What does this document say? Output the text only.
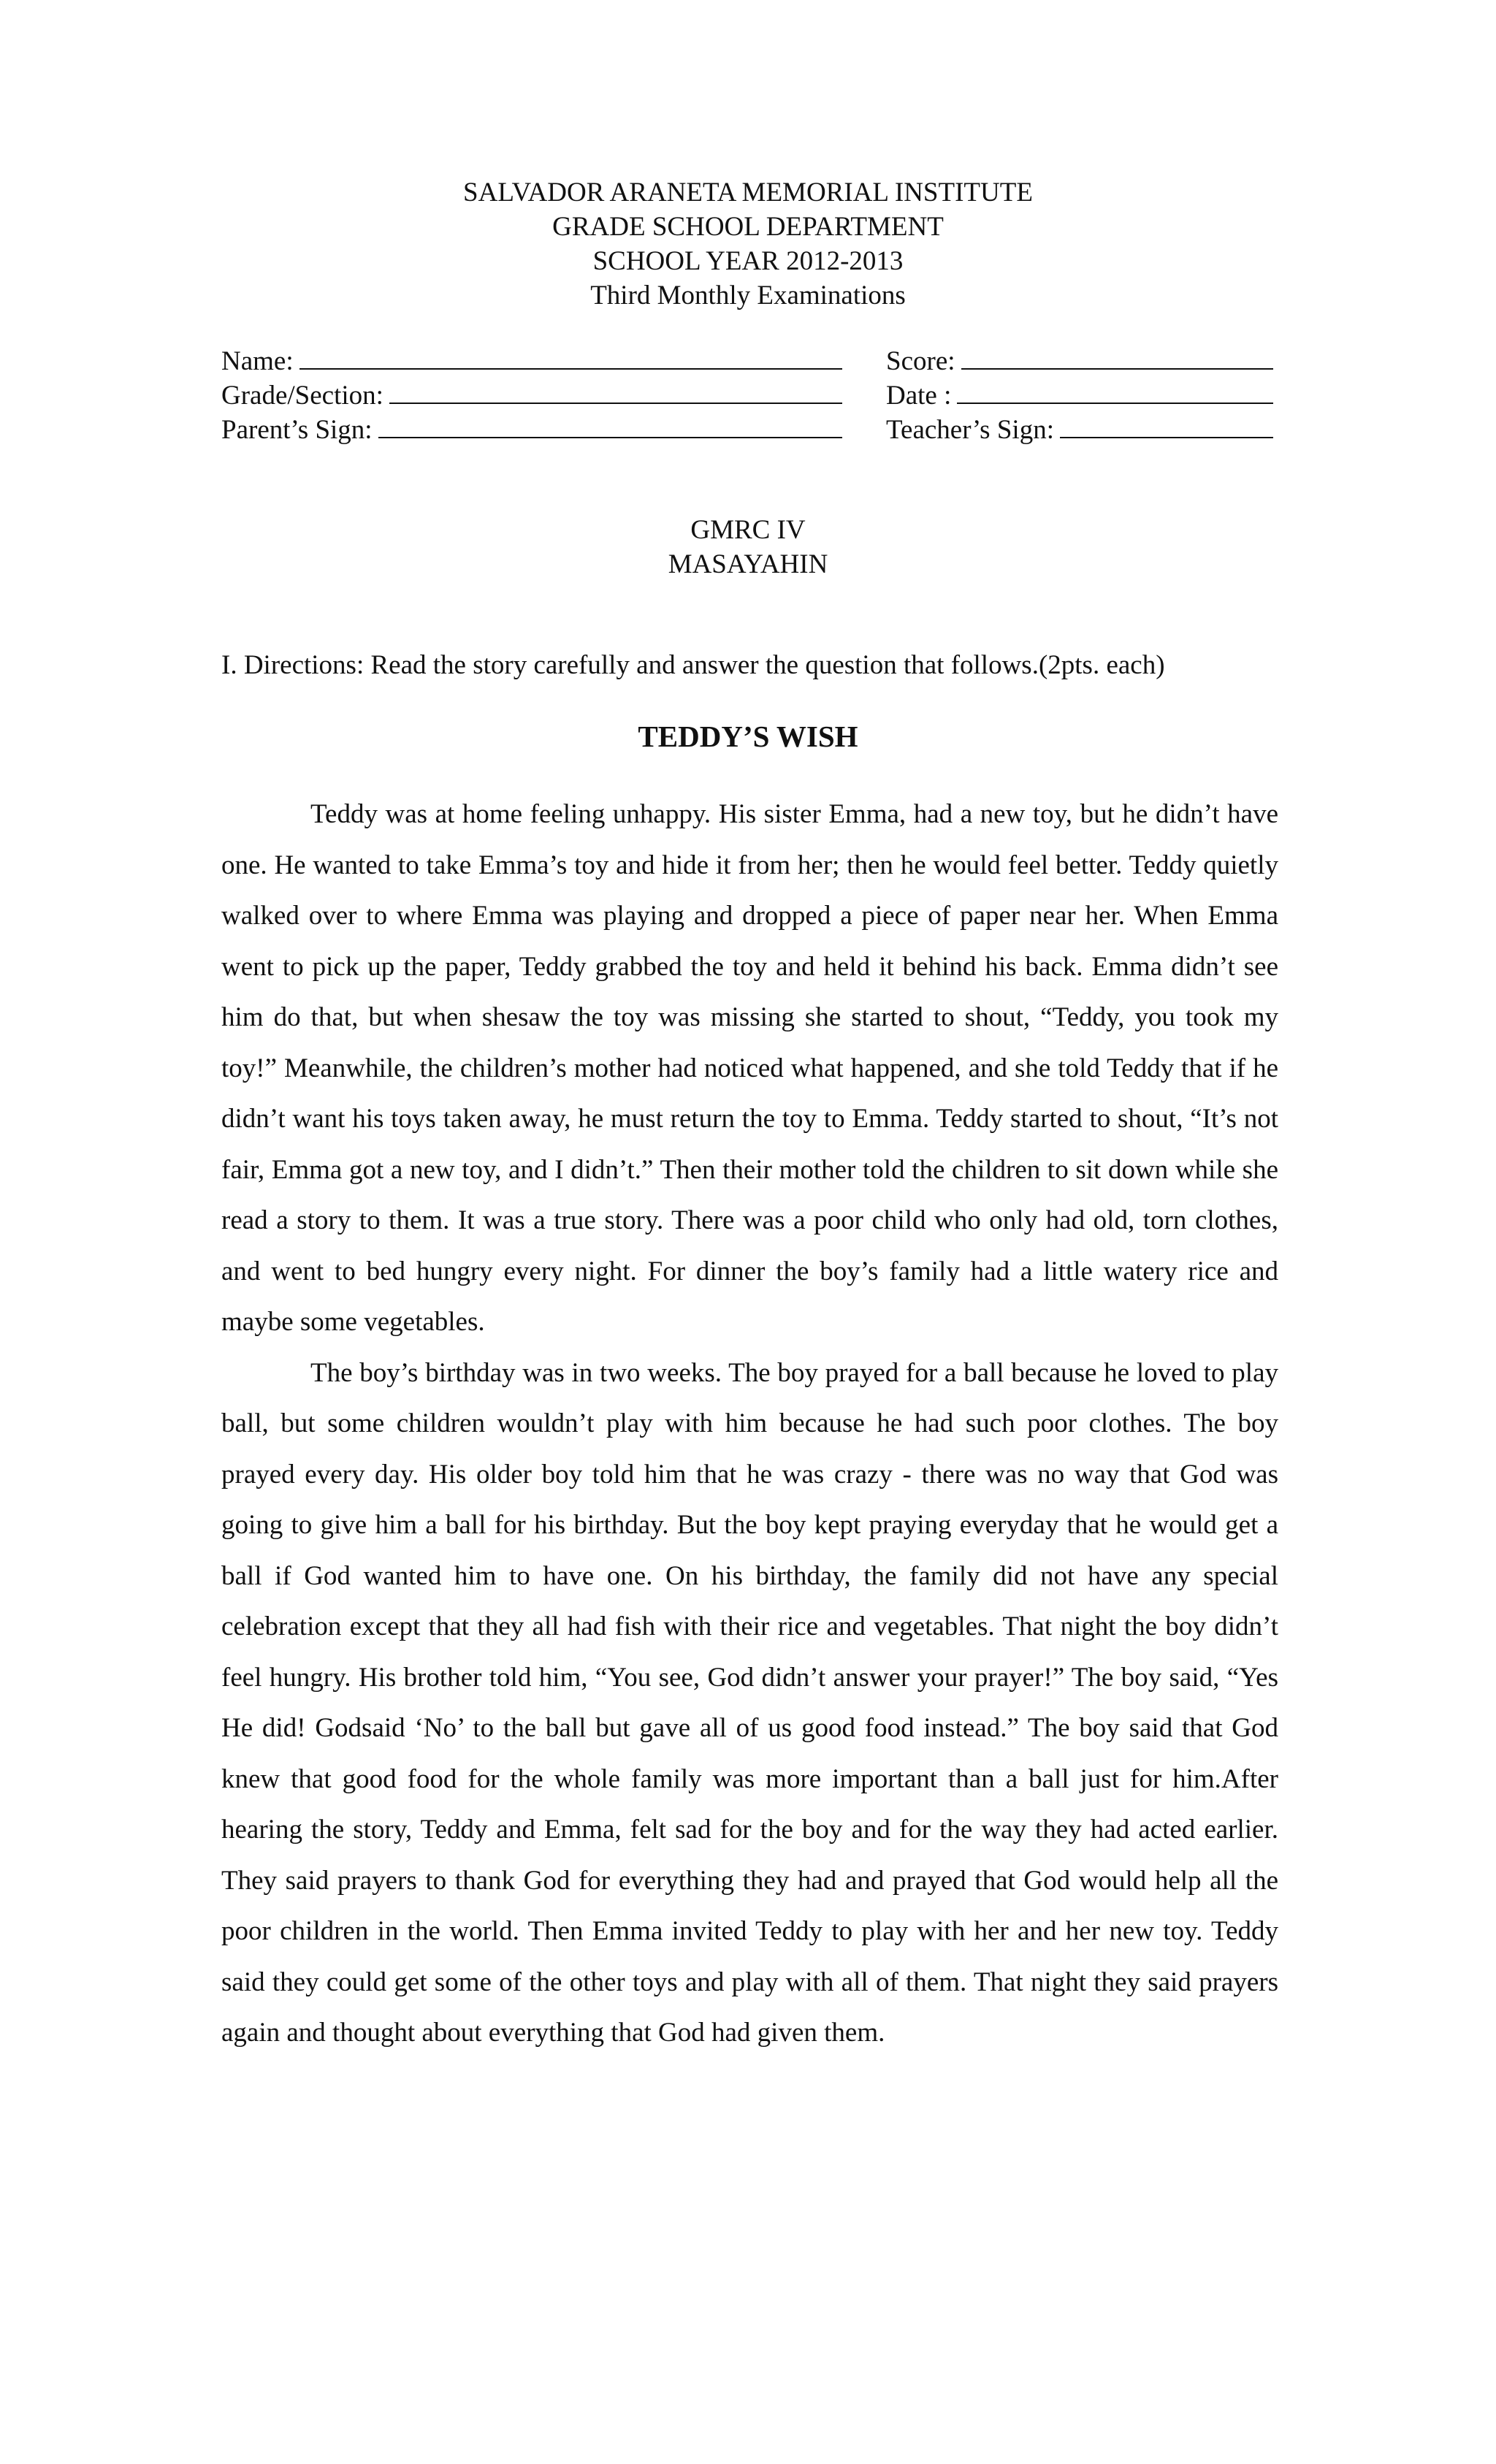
SALVADOR ARANETA MEMORIAL INSTITUTE
GRADE SCHOOL DEPARTMENT
SCHOOL YEAR 2012-2013
Third Monthly Examinations
Name:	Score:
Grade/Section:	Date :
Parent’s Sign:	Teacher’s Sign:
GMRC IV
MASAYAHIN
I. Directions: Read the story carefully and answer the question that follows.(2pts. each)
TEDDY’S WISH

Teddy was at home feeling unhappy. His sister Emma, had a new toy, but he didn’t have one. He wanted to take Emma’s toy and hide it from her; then he would feel better. Teddy quietly walked over to where Emma was playing and dropped a piece of paper near her. When Emma went to pick up the paper, Teddy grabbed the toy and held it behind his back. Emma didn’t see him do that, but when shesaw the toy was missing she started to shout, “Teddy, you took my toy!” Meanwhile, the children’s mother had noticed what happened, and she told Teddy that if he didn’t want his toys taken away, he must return the toy to Emma. Teddy started to shout, “It’s not fair, Emma got a new toy, and I didn’t.” Then their mother told the children to sit down while she read a story to them. It was a true story. There was a poor child who only had old, torn clothes, and went to bed hungry every night. For dinner the boy’s family had a little watery rice and maybe some vegetables.

The boy’s birthday was in two weeks. The boy prayed for a ball because he loved to play ball, but some children wouldn’t play with him because he had such poor clothes. The boy prayed every day. His older boy told him that he was crazy - there was no way that God was going to give him a ball for his birthday. But the boy kept praying everyday that he would get a ball if God wanted him to have one. On his birthday, the family did not have any special celebration except that they all had fish with their rice and vegetables. That night the boy didn’t feel hungry. His brother told him, “You see, God didn’t answer your prayer!” The boy said, “Yes He did! Godsaid ‘No’ to the ball but gave all of us good food instead.” The boy said that God knew that good food for the whole family was more important than a ball just for him.After hearing the story, Teddy and Emma, felt sad for the boy and for the way they had acted earlier. They said prayers to thank God for everything they had and prayed that God would help all the poor children in the world. Then Emma invited Teddy to play with her and her new toy. Teddy said they could get some of the other toys and play with all of them. That night they said prayers again and thought about everything that God had given them.
